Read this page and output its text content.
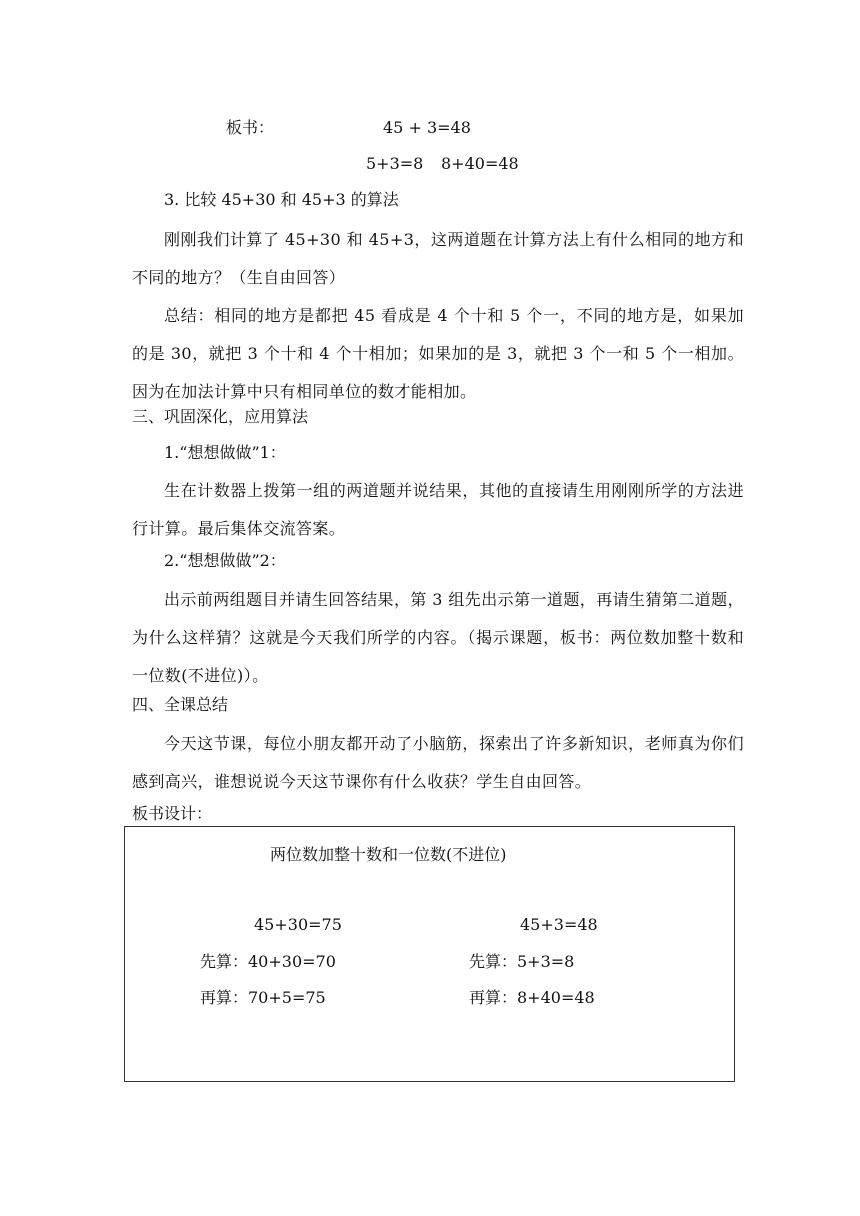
板书：	45 + 3=48
5+3=8 8+40=48
3. 比较 45+30 和 45+3 的算法
刚刚我们计算了 45+30 和 45+3，这两道题在计算方法上有什么相同的地方和不同的地方？（生自由回答）
总结：相同的地方是都把 45 看成是 4 个十和 5 个一，不同的地方是，如果加的是 30，就把 3 个十和 4 个十相加；如果加的是 3，就把 3 个一和 5 个一相加。因为在加法计算中只有相同单位的数才能相加。
三、巩固深化，应用算法
1.“想想做做”1：
生在计数器上拨第一组的两道题并说结果，其他的直接请生用刚刚所学的方法进行计算。最后集体交流答案。
2.“想想做做”2：
出示前两组题目并请生回答结果，第 3 组先出示第一道题，再请生猜第二道题，为什么这样猜？这就是今天我们所学的内容。（揭示课题，板书：两位数加整十数和一位数(不进位)）。
四、全课总结
今天这节课，每位小朋友都开动了小脑筋，探索出了许多新知识，老师真为你们感到高兴，谁想说说今天这节课你有什么收获？学生自由回答。
板书设计：
两位数加整十数和一位数(不进位)
45+30=75
先算：40+30=70
再算：70+5=75
45+3=48
先算：5+3=8
再算：8+40=48
